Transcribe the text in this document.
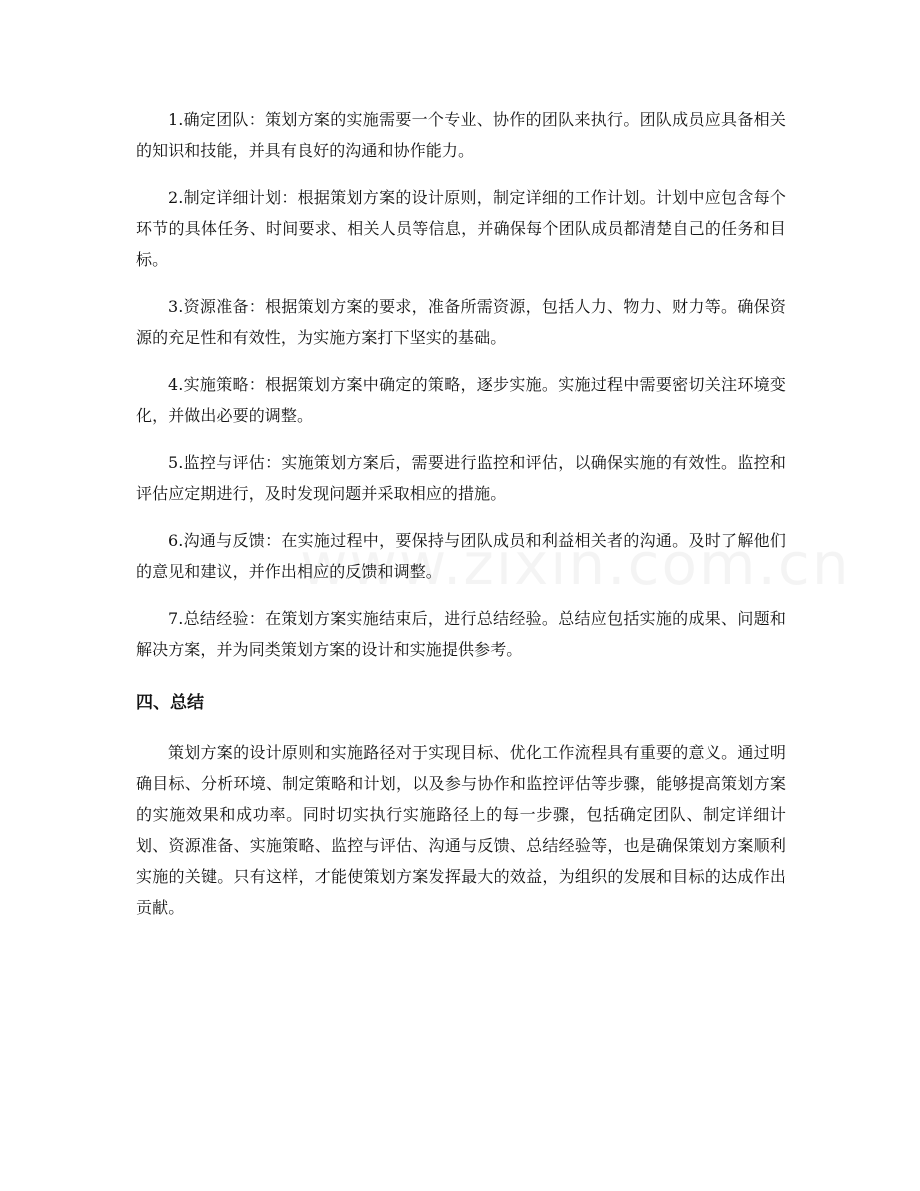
1.确定团队：策划方案的实施需要一个专业、协作的团队来执行。团队成员应具备相关的知识和技能，并具有良好的沟通和协作能力。

2.制定详细计划：根据策划方案的设计原则，制定详细的工作计划。计划中应包含每个环节的具体任务、时间要求、相关人员等信息，并确保每个团队成员都清楚自己的任务和目标。

3.资源准备：根据策划方案的要求，准备所需资源，包括人力、物力、财力等。确保资源的充足性和有效性，为实施方案打下坚实的基础。

4.实施策略：根据策划方案中确定的策略，逐步实施。实施过程中需要密切关注环境变化，并做出必要的调整。

5.监控与评估：实施策划方案后，需要进行监控和评估，以确保实施的有效性。监控和评估应定期进行，及时发现问题并采取相应的措施。

6.沟通与反馈：在实施过程中，要保持与团队成员和利益相关者的沟通。及时了解他们的意见和建议，并作出相应的反馈和调整。

7.总结经验：在策划方案实施结束后，进行总结经验。总结应包括实施的成果、问题和解决方案，并为同类策划方案的设计和实施提供参考。

四、总结

策划方案的设计原则和实施路径对于实现目标、优化工作流程具有重要的意义。通过明确目标、分析环境、制定策略和计划，以及参与协作和监控评估等步骤，能够提高策划方案的实施效果和成功率。同时切实执行实施路径上的每一步骤，包括确定团队、制定详细计划、资源准备、实施策略、监控与评估、沟通与反馈、总结经验等，也是确保策划方案顺利实施的关键。只有这样，才能使策划方案发挥最大的效益，为组织的发展和目标的达成作出贡献。
